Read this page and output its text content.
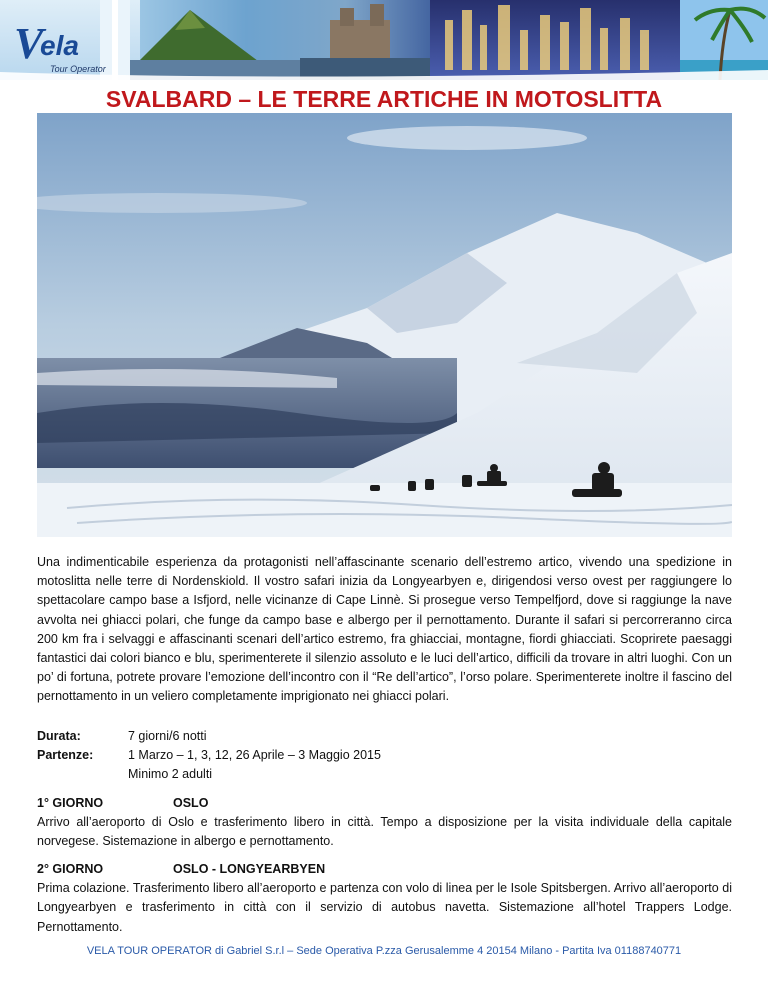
V
ela
Tour Operator
SVALBARD – LE TERRE ARTICHE IN MOTOSLITTA
Una indimenticabile esperienza da protagonisti nell’affascinante scenario dell’estremo artico, vivendo una spedizione in motoslitta nelle terre di Nordenskiold. Il vostro safari inizia da Longyearbyen e, dirigendosi verso ovest per raggiungere lo spettacolare campo base a Isfjord, nelle vicinanze di Cape Linnè. Si prosegue verso Tempelfjord, dove si raggiunge la nave avvolta nei ghiacci polari, che funge da campo base e albergo per il pernottamento. Durante il safari si percorreranno circa 200 km fra i selvaggi e affascinanti scenari dell’artico estremo, fra ghiacciai, montagne, fiordi ghiacciati. Scoprirete paesaggi fantastici dai colori bianco e blu, sperimenterete il silenzio assoluto e le luci dell’artico, difficili da trovare in altri luoghi. Con un po’ di fortuna, potrete provare l’emozione dell’incontro con il “Re dell’artico”, l’orso polare. Sperimenterete inoltre il fascino del pernottamento in un veliero completamente imprigionato nei ghiacci polari.
Durata:	7 giorni/6 notti
Partenze:	1 Marzo – 1, 3, 12, 26 Aprile – 3 Maggio 2015
Minimo 2 adulti
1° GIORNO	OSLO
Arrivo all’aeroporto di Oslo e trasferimento libero in città. Tempo a disposizione per la visita individuale della capitale norvegese. Sistemazione in albergo e pernottamento.
2° GIORNO	OSLO - LONGYEARBYEN
Prima colazione. Trasferimento libero all’aeroporto e partenza con volo di linea per le Isole Spitsbergen. Arrivo all’aeroporto di Longyearbyen e trasferimento in città con il servizio di autobus navetta. Sistemazione all’hotel Trappers Lodge. Pernottamento.
VELA TOUR OPERATOR di Gabriel S.r.l – Sede Operativa P.zza Gerusalemme 4 20154 Milano - Partita Iva 01188740771
